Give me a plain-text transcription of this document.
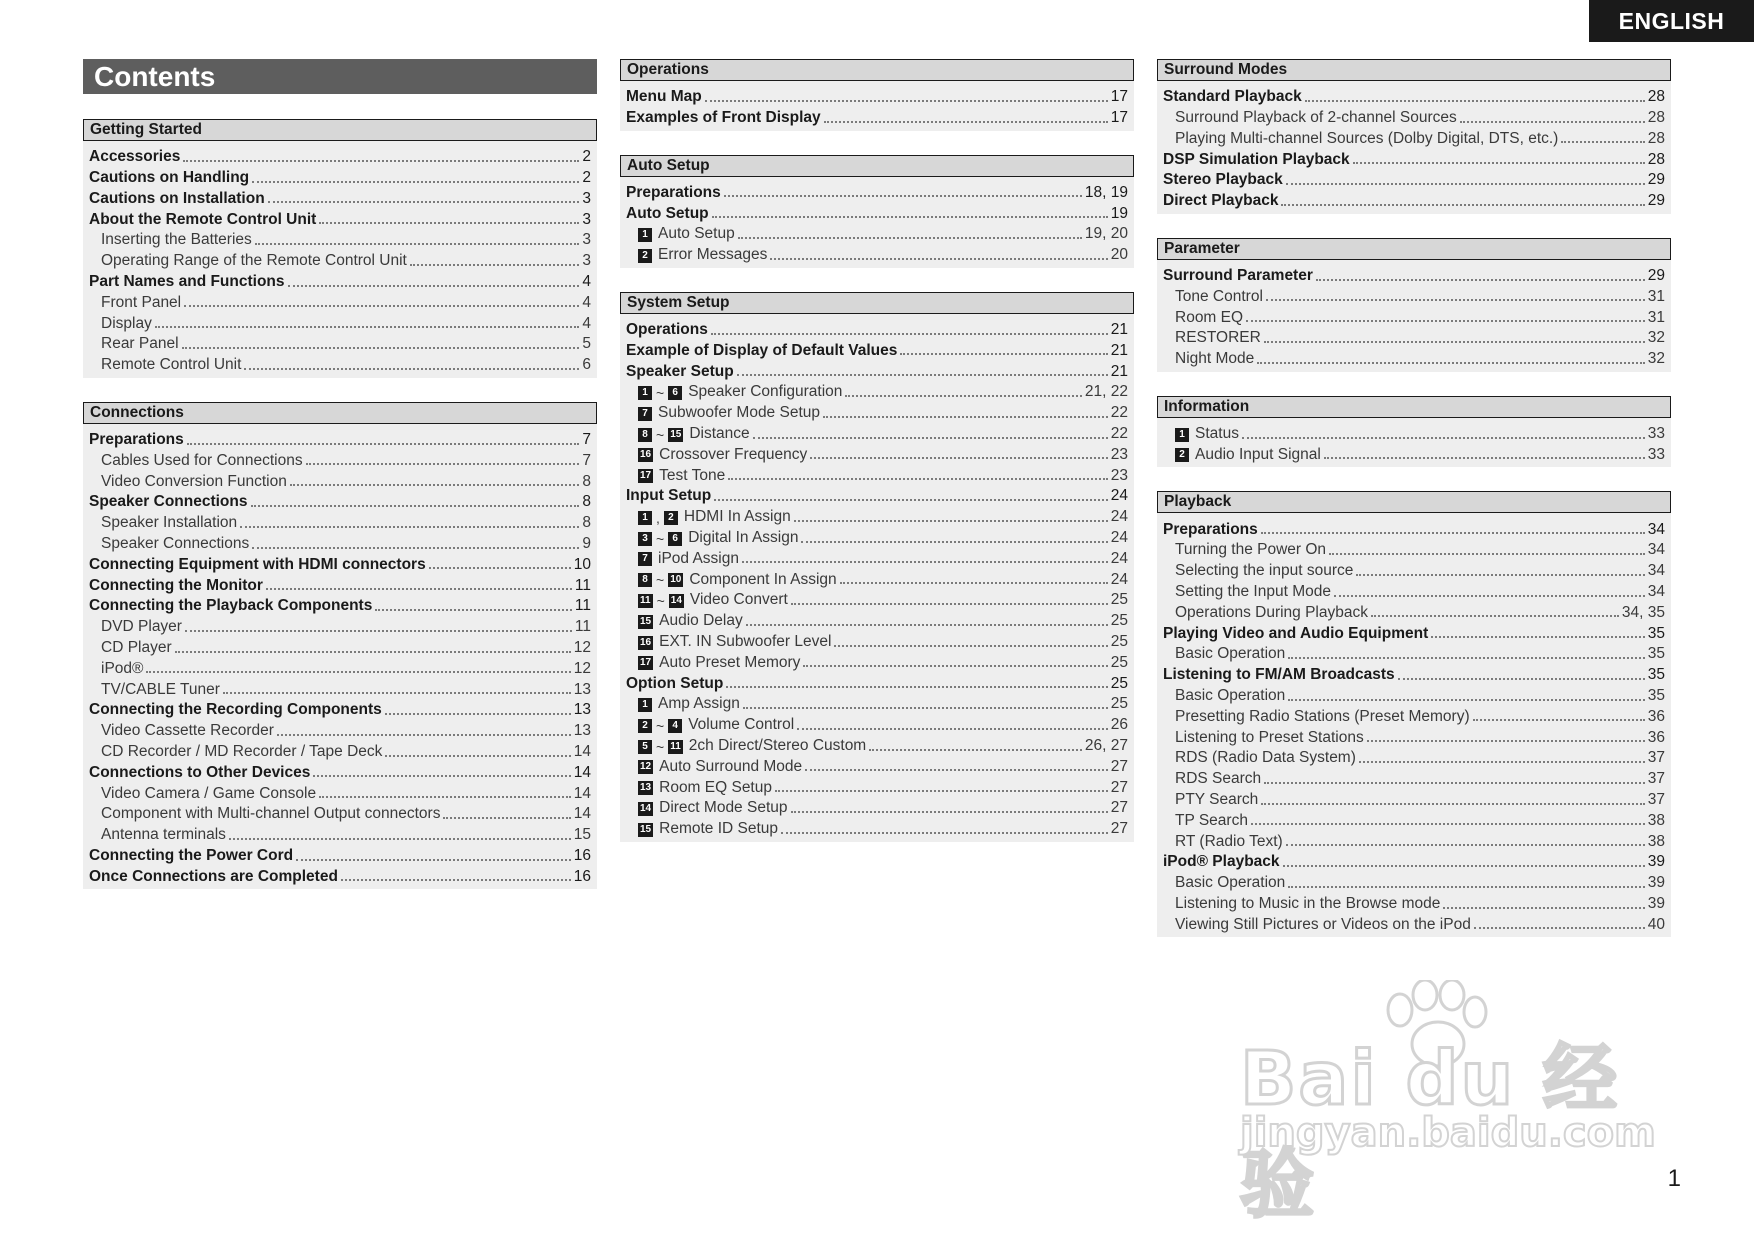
ENGLISH
Contents
Getting Started
Accessories	2
Cautions on Handling	2
Cautions on Installation	3
About the Remote Control Unit	3
Inserting the Batteries	3
Operating Range of the Remote Control Unit	3
Part Names and Functions	4
Front Panel	4
Display	4
Rear Panel	5
Remote Control Unit	6
Connections
Preparations	7
Cables Used for Connections	7
Video Conversion Function	8
Speaker Connections	8
Speaker Installation	8
Speaker Connections	9
Connecting Equipment with HDMI connectors	10
Connecting the Monitor	11
Connecting the Playback Components	11
DVD Player	11
CD Player	12
iPod®	12
TV/CABLE Tuner	13
Connecting the Recording Components	13
Video Cassette Recorder	13
CD Recorder / MD Recorder / Tape Deck	14
Connections to Other Devices	14
Video Camera / Game Console	14
Component with Multi-channel Output connectors	14
Antenna terminals	15
Connecting the Power Cord	16
Once Connections are Completed	16
Operations
Menu Map	17
Examples of Front Display	17
Auto Setup
Preparations	18, 19
Auto Setup	19
1 Auto Setup	19, 20
2 Error Messages	20
System Setup
Operations	21
Example of Display of Default Values	21
Speaker Setup	21
1 ~ 6 Speaker Configuration	21, 22
7 Subwoofer Mode Setup	22
8 ~ 15 Distance	22
16 Crossover Frequency	23
17 Test Tone	23
Input Setup	24
1 , 2 HDMI In Assign	24
3 ~ 6 Digital In Assign	24
7 iPod Assign	24
8 ~ 10 Component In Assign	24
11 ~ 14 Video Convert	25
15 Audio Delay	25
16 EXT. IN Subwoofer Level	25
17 Auto Preset Memory	25
Option Setup	25
1 Amp Assign	25
2 ~ 4 Volume Control	26
5 ~ 11 2ch Direct/Stereo Custom	26, 27
12 Auto Surround Mode	27
13 Room EQ Setup	27
14 Direct Mode Setup	27
15 Remote ID Setup	27
Surround Modes
Standard Playback	28
Surround Playback of 2-channel Sources	28
Playing Multi-channel Sources (Dolby Digital, DTS, etc.)	28
DSP Simulation Playback	28
Stereo Playback	29
Direct Playback	29
Parameter
Surround Parameter	29
Tone Control	31
Room EQ	31
RESTORER	32
Night Mode	32
Information
1 Status	33
2 Audio Input Signal	33
Playback
Preparations	34
Turning the Power On	34
Selecting the input source	34
Setting the Input Mode	34
Operations During Playback	34, 35
Playing Video and Audio Equipment	35
Basic Operation	35
Listening to FM/AM Broadcasts	35
Basic Operation	35
Presetting Radio Stations (Preset Memory)	36
Listening to Preset Stations	36
RDS (Radio Data System)	37
RDS Search	37
PTY Search	37
TP Search	38
RT (Radio Text)	38
iPod® Playback	39
Basic Operation	39
Listening to Music in the Browse mode	39
Viewing Still Pictures or Videos on the iPod	40
Bai du 经验
jingyan.baidu.com
1
